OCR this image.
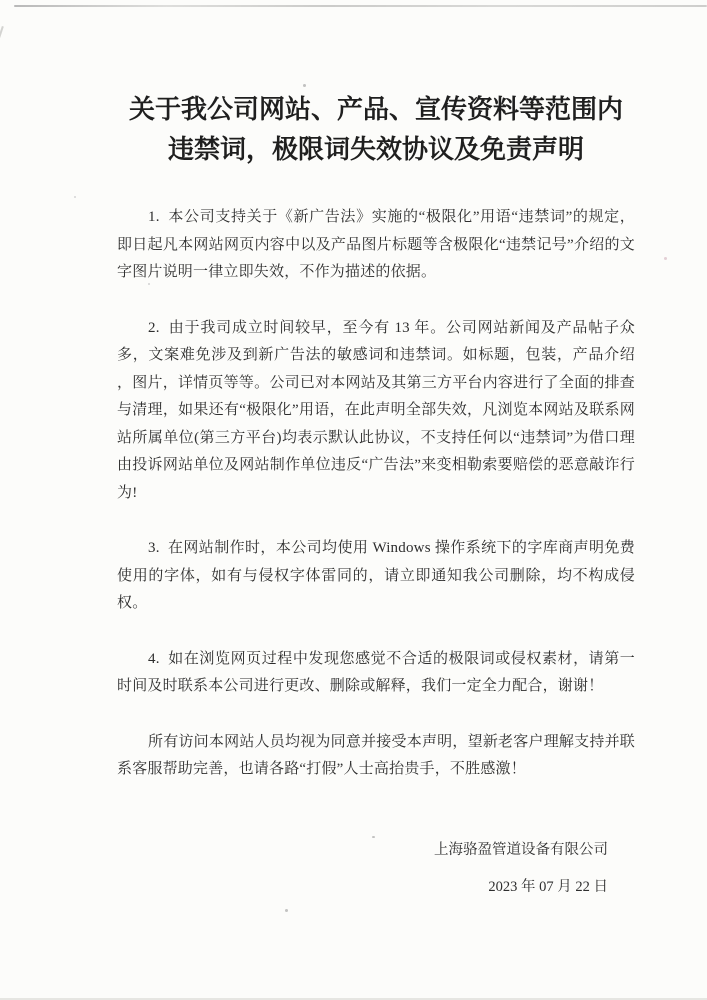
关于我公司网站、产品、宣传资料等范围内
违禁词，极限词失效协议及免责声明

1.  本公司支持关于《新广告法》实施的“极限化”用语“违禁词”的规定，即日起凡本网站网页内容中以及产品图片标题等含极限化“违禁记号”介绍的文字图片说明一律立即失效，不作为描述的依据。

2.  由于我司成立时间较早，至今有 13 年。公司网站新闻及产品帖子众多，文案难免涉及到新广告法的敏感词和违禁词。如标题，包装，产品介绍 ，图片，详情页等等。公司已对本网站及其第三方平台内容进行了全面的排查与清理，如果还有“极限化”用语，在此声明全部失效，凡浏览本网站及联系网站所属单位(第三方平台)均表示默认此协议，不支持任何以“违禁词”为借口理由投诉网站单位及网站制作单位违反“广告法”来变相勒索要赔偿的恶意敲诈行为!

3.  在网站制作时，本公司均使用 Windows 操作系统下的字库商声明免费使用的字体，如有与侵权字体雷同的，请立即通知我公司删除，均不构成侵权。

4.  如在浏览网页过程中发现您感觉不合适的极限词或侵权素材，请第一时间及时联系本公司进行更改、删除或解释，我们一定全力配合，谢谢！

所有访问本网站人员均视为同意并接受本声明，望新老客户理解支持并联系客服帮助完善，也请各路“打假”人士高抬贵手，不胜感激！

上海骆盈管道设备有限公司
2023 年 07 月 22 日
